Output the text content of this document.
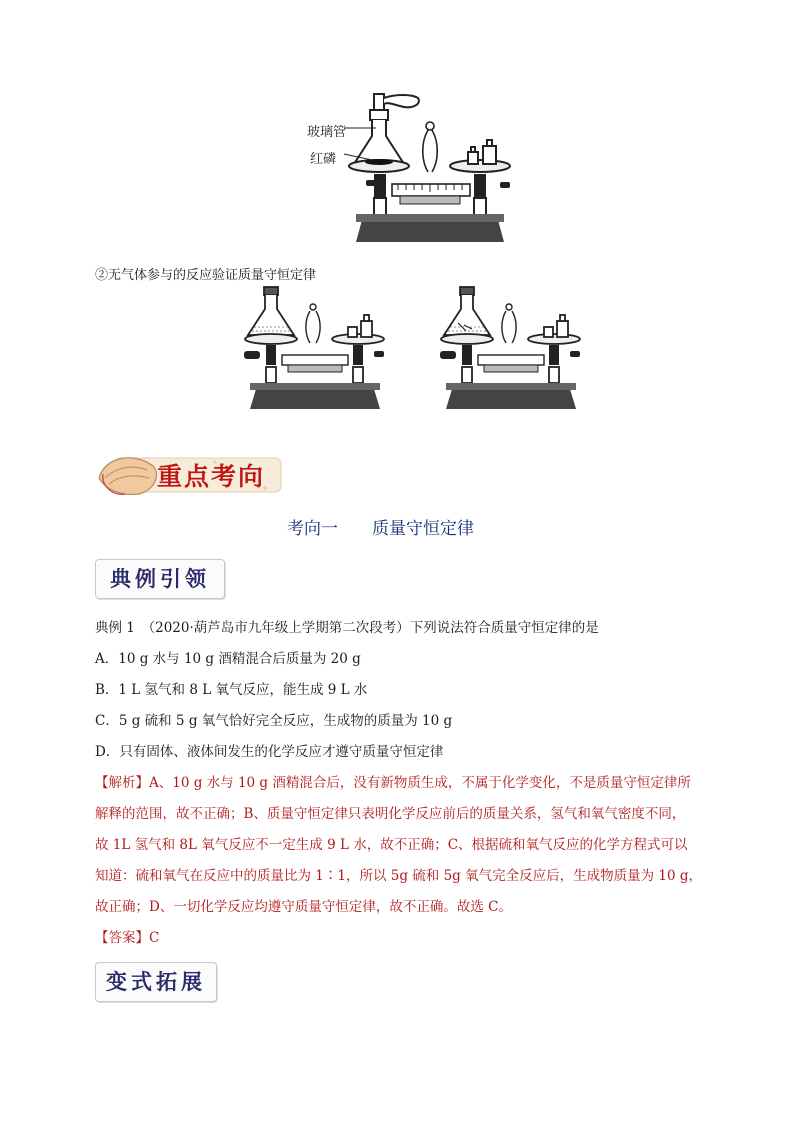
玻璃管
红磷
②无气体参与的反应验证质量守恒定律
重点考向
考向一　　质量守恒定律
典例引领
典例 1　（2020·葫芦岛市九年级上学期第二次段考）下列说法符合质量守恒定律的是
A．10 g 水与 10 g 酒精混合后质量为 20 g
B．1 L 氢气和 8 L 氧气反应，能生成 9 L 水
C．5 g 硫和 5 g 氧气恰好完全反应，生成物的质量为 10 g
D．只有固体、液体间发生的化学反应才遵守质量守恒定律
【解析】A、10 g 水与 10 g 酒精混合后，没有新物质生成，不属于化学变化，不是质量守恒定律所
解释的范围，故不正确；B、质量守恒定律只表明化学反应前后的质量关系，氢气和氧气密度不同，
故 1L 氢气和 8L 氧气反应不一定生成 9 L 水，故不正确；C、根据硫和氧气反应的化学方程式可以
知道：硫和氧气在反应中的质量比为 1∶1，所以 5g 硫和 5g 氧气完全反应后，生成物质量为 10 g，
故正确；D、一切化学反应均遵守质量守恒定律，故不正确。故选 C。
【答案】C
变式拓展
